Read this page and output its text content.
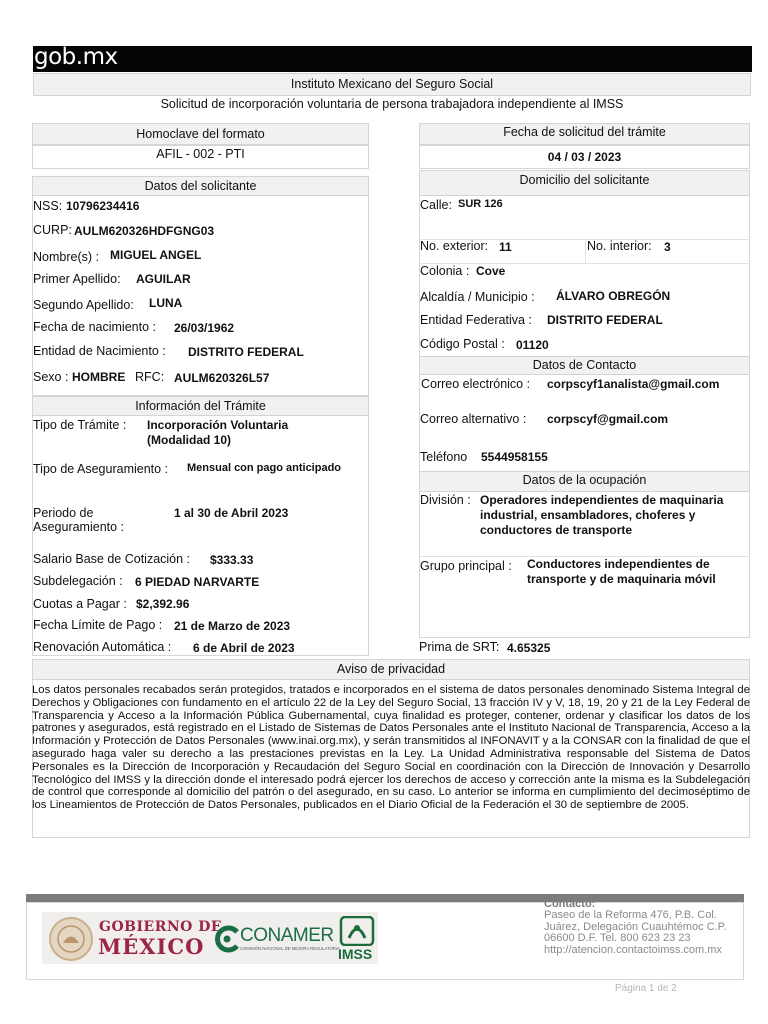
gob.mx
Instituto Mexicano del Seguro Social
Solicitud de incorporación voluntaria de persona trabajadora independiente al IMSS
Homoclave del formato
AFIL - 002 - PTI
Datos del solicitante
NSS: 10796234416
CURP: AULM620326HDFGNG03
Nombre(s) : MIGUEL ANGEL
Primer Apellido: AGUILAR
Segundo Apellido: LUNA
Fecha de nacimiento : 26/03/1962
Entidad de Nacimiento : DISTRITO FEDERAL
Sexo : HOMBRE RFC: AULM620326L57
Información del Trámite
Tipo de Trámite : Incorporación Voluntaria (Modalidad 10)
Tipo de Aseguramiento : Mensual con pago anticipado
Periodo de Aseguramiento :
1 al 30 de Abril 2023
Salario Base de Cotización : $333.33
Subdelegación : 6 PIEDAD NARVARTE
Cuotas a Pagar : $2,392.96
Fecha Límite de Pago : 21 de Marzo de 2023
Renovación Automática : 6 de Abril de 2023
Fecha de solicitud del trámite
04 / 03 / 2023
Domicilio del solicitante
Calle: SUR 126
No. exterior: 11	No. interior: 3
Colonia : Cove
Alcaldía / Municipio : ÁLVARO OBREGÓN
Entidad Federativa : DISTRITO FEDERAL
Código Postal : 01120
Datos de Contacto
Correo electrónico : corpscyf1analista@gmail.com
Correo alternativo : corpscyf@gmail.com
Teléfono 5544958155
Datos de la ocupación
División : Operadores independientes de maquinaria industrial, ensambladores, choferes y conductores de transporte
Grupo principal : Conductores independientes de transporte y de maquinaria móvil
Prima de SRT: 4.65325
Aviso de privacidad
Los datos personales recabados serán protegidos, tratados e incorporados en el sistema de datos personales denominado Sistema Integral de Derechos y Obligaciones con fundamento en el artículo 22 de la Ley del Seguro Social, 13 fracción IV y V, 18, 19, 20 y 21 de la Ley Federal de Transparencia y Acceso a la Información Pública Gubernamental, cuya finalidad es proteger, contener, ordenar y clasificar los datos de los patrones y asegurados, está registrado en el Listado de Sistemas de Datos Personales ante el Instituto Nacional de Transparencia, Acceso a la Información y Protección de Datos Personales (www.inai.org.mx), y serán transmitidos al INFONAVIT y a la CONSAR con la finalidad de que el asegurado haga valer su derecho a las prestaciones previstas en la Ley. La Unidad Administrativa responsable del Sistema de Datos Personales es la Dirección de Incorporación y Recaudación del Seguro Social en coordinación con la Dirección de Innovación y Desarrollo Tecnológico del IMSS y la dirección donde el interesado podrá ejercer los derechos de acceso y corrección ante la misma es la Subdelegación de control que corresponde al domicilio del patrón o del asegurado, en su caso. Lo anterior se informa en cumplimiento del decimoséptimo de los Lineamientos de Protección de Datos Personales, publicados en el Diario Oficial de la Federación el 30 de septiembre de 2005.
GOBIERNO DE
MÉXICO CONAMER
COMISIÓN NACIONAL DE MEJORA REGULATORIA
IMSS
Contacto:
Paseo de la Reforma 476, P.B. Col.
Juárez, Delegación Cuauhtémoc C.P.
06600 D.F. Tel. 800 623 23 23
http://atencion.contactoimss.com.mx
Página 1 de 2
